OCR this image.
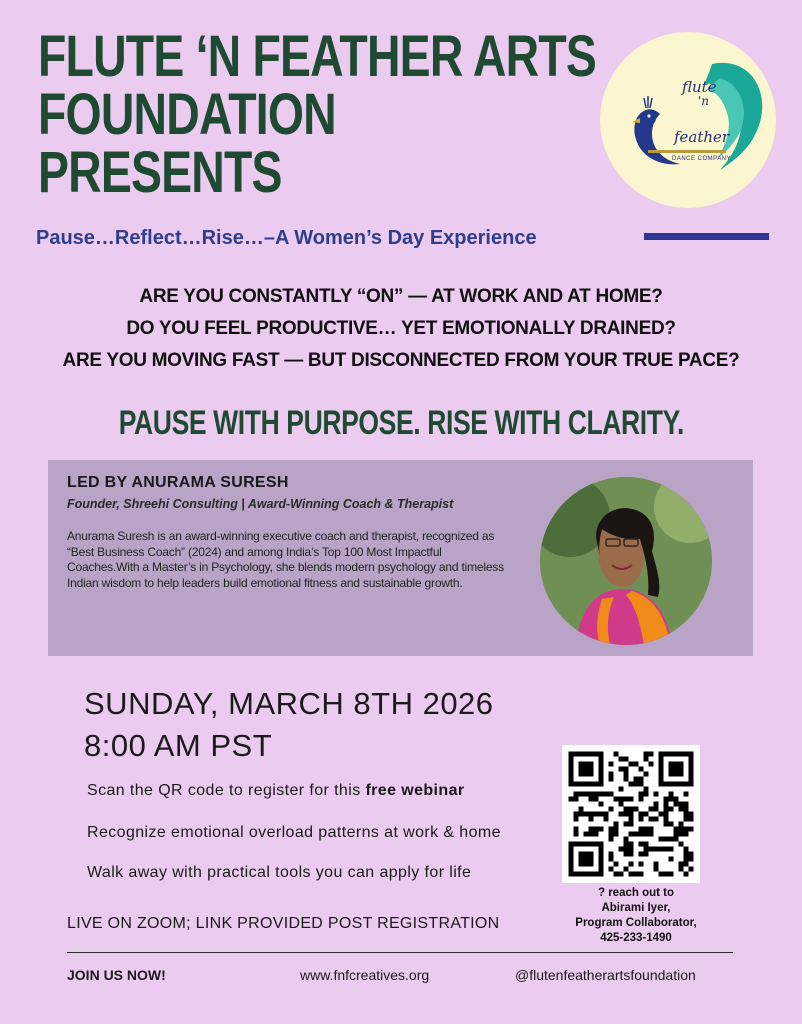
FLUTE ‘N FEATHER ARTS
FOUNDATION
PRESENTS
Pause…Reflect…Rise…–A Women’s Day Experience
flute
'n
feather
DANCE COMPANY
ARE YOU CONSTANTLY “ON” — AT WORK AND AT HOME?
DO YOU FEEL PRODUCTIVE… YET EMOTIONALLY DRAINED?
ARE YOU MOVING FAST — BUT DISCONNECTED FROM YOUR TRUE PACE?
PAUSE WITH PURPOSE. RISE WITH CLARITY.
LED BY ANURAMA SURESH
Founder, Shreehi Consulting | Award-Winning Coach & Therapist
Anurama Suresh is an award-winning executive coach and therapist, recognized as “Best Business Coach” (2024) and among India’s Top 100 Most Impactful Coaches.With a Master’s in Psychology, she blends modern psychology and timeless Indian wisdom to help leaders build emotional fitness and sustainable growth.
SUNDAY, MARCH 8TH 2026
8:00 AM PST
Scan the QR code to register for this free webinar
Recognize emotional overload patterns at work & home
Walk away with practical tools you can apply for life
? reach out to
Abirami Iyer,
Program Collaborator,
425-233-1490
LIVE ON ZOOM; LINK PROVIDED POST REGISTRATION
JOIN US NOW!	www.fnfcreatives.org	@flutenfeatherartsfoundation
